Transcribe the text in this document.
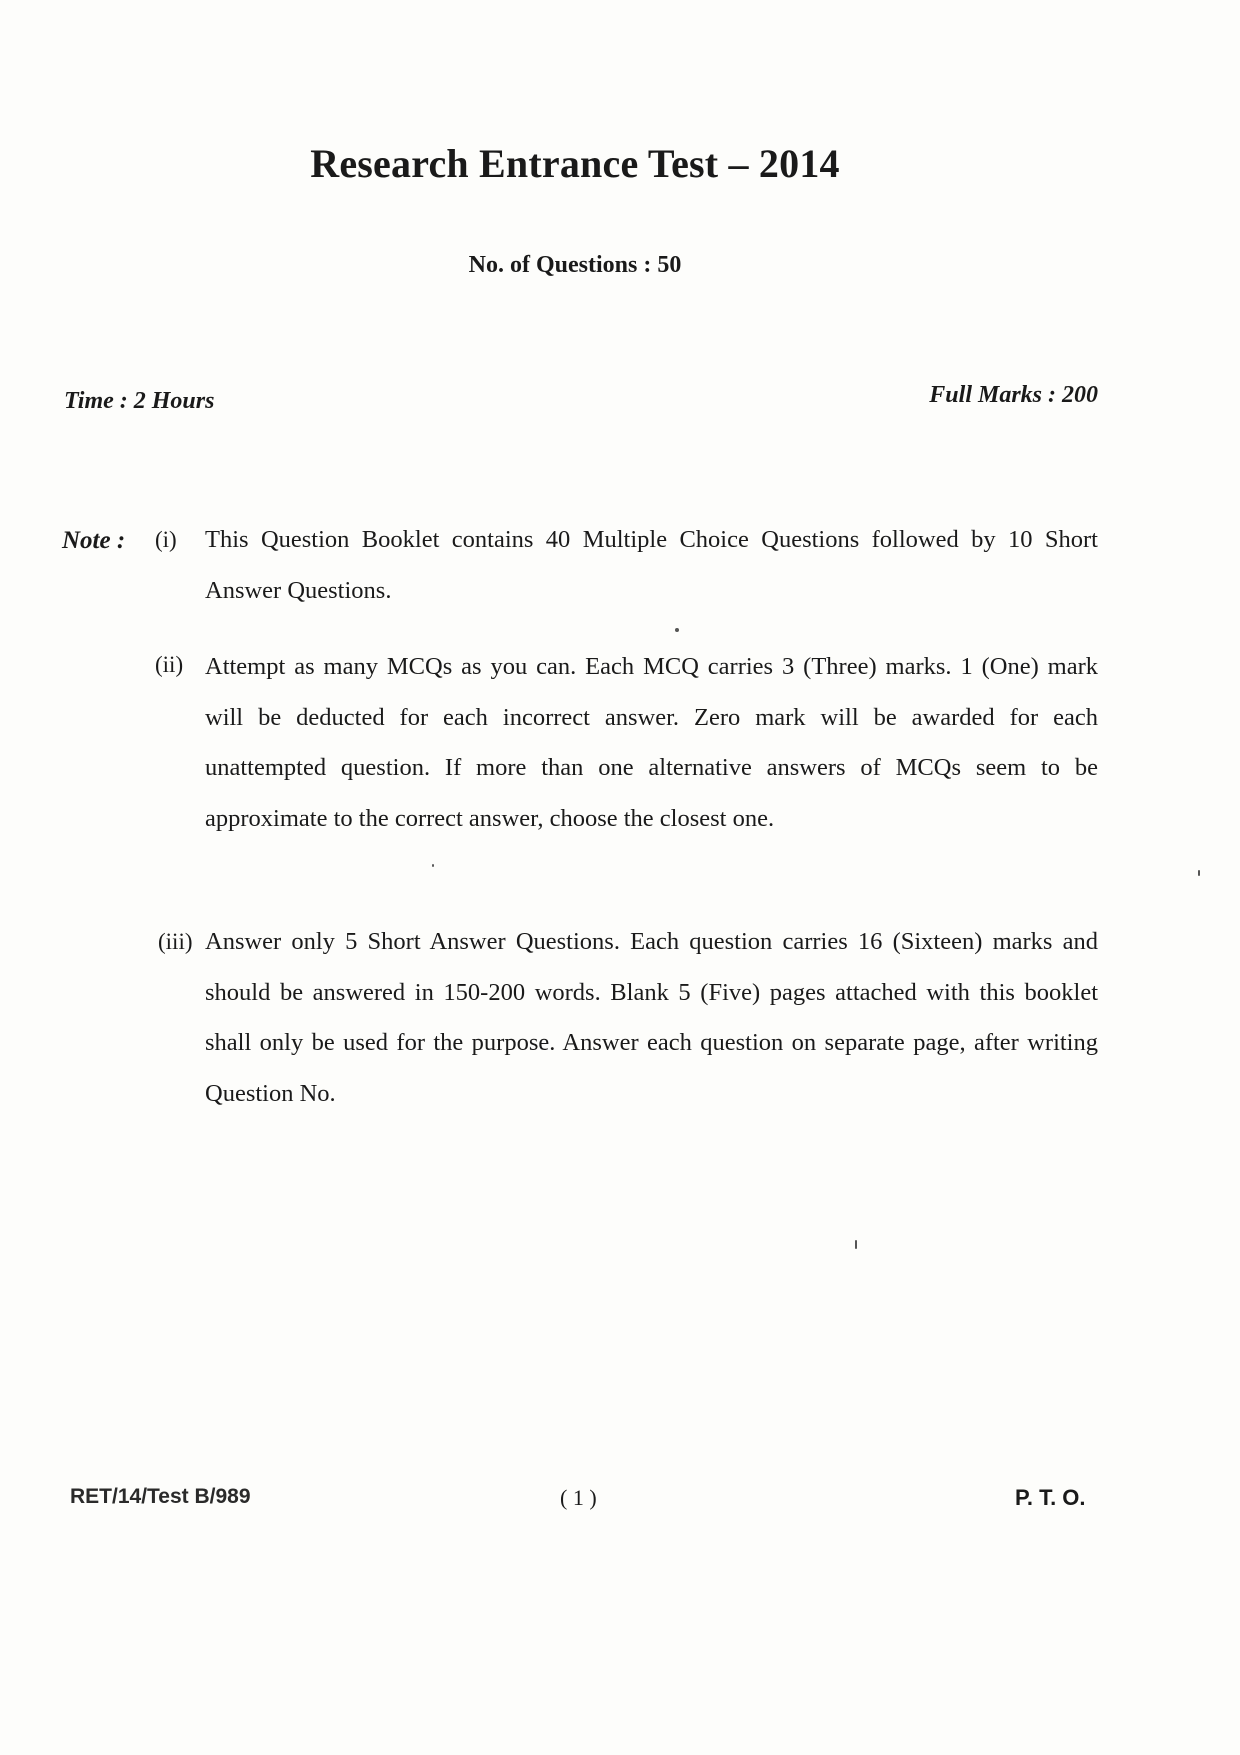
Research Entrance Test – 2014
No. of Questions : 50
Time : 2 Hours	Full Marks : 200
Note : (i) This Question Booklet contains 40 Multiple Choice Questions followed by 10 Short Answer Questions.
(ii) Attempt as many MCQs as you can. Each MCQ carries 3 (Three) marks. 1 (One) mark will be deducted for each incorrect answer. Zero mark will be awarded for each unattempted question. If more than one alternative answers of MCQs seem to be approximate to the correct answer, choose the closest one.
(iii) Answer only 5 Short Answer Questions. Each question carries 16 (Sixteen) marks and should be answered in 150-200 words. Blank 5 (Five) pages attached with this booklet shall only be used for the purpose. Answer each question on separate page, after writing Question No.
RET/14/Test B/989	( 1 )	P. T. O.
